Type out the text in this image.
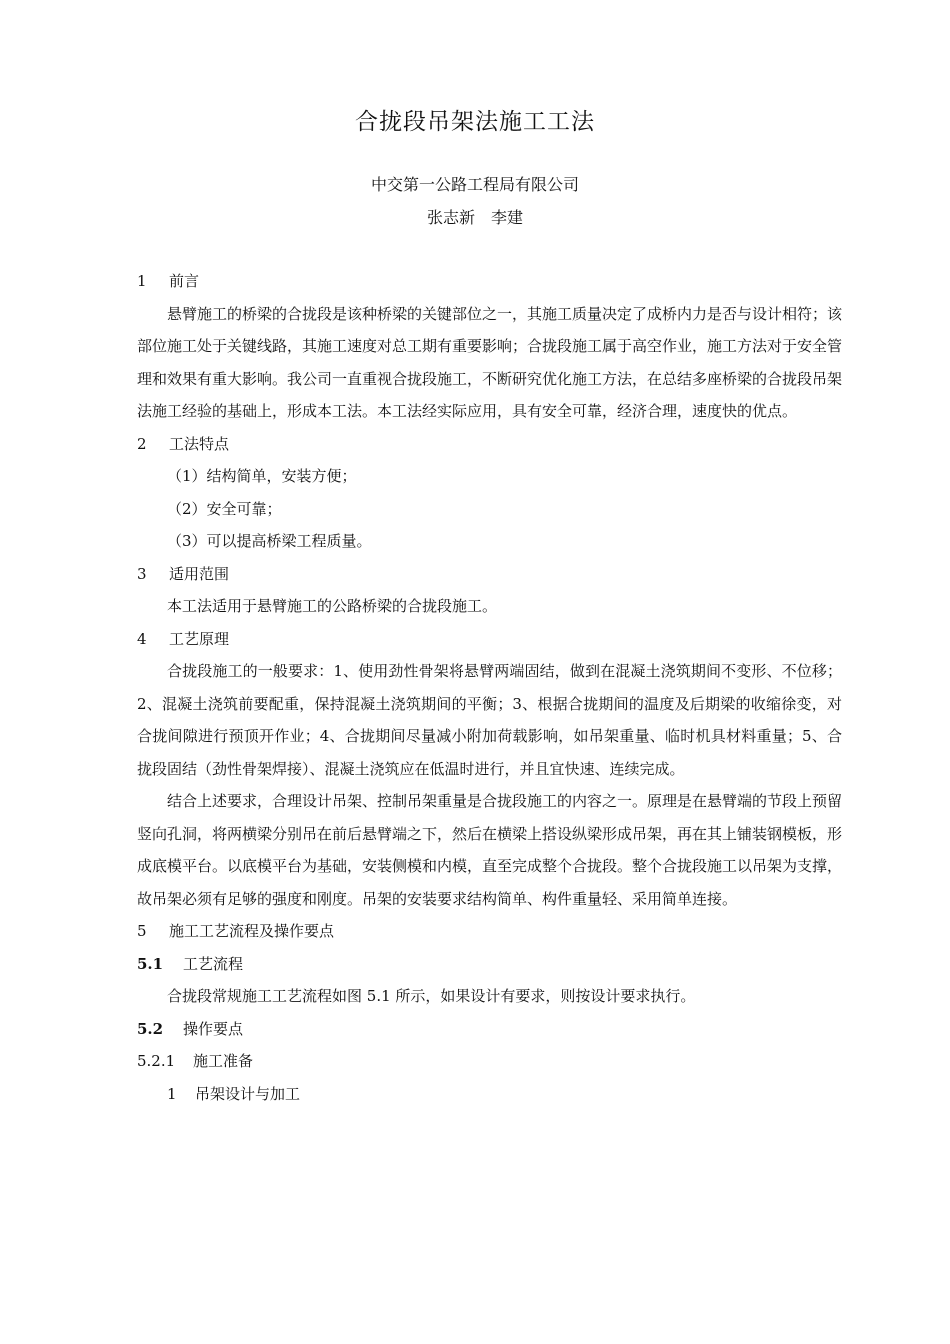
合拢段吊架法施工工法
中交第一公路工程局有限公司
张志新　李建

1 前言

悬臂施工的桥梁的合拢段是该种桥梁的关键部位之一，其施工质量决定了成桥内力是否与设计相符；该部位施工处于关键线路，其施工速度对总工期有重要影响；合拢段施工属于高空作业，施工方法对于安全管理和效果有重大影响。我公司一直重视合拢段施工，不断研究优化施工方法，在总结多座桥梁的合拢段吊架法施工经验的基础上，形成本工法。本工法经实际应用，具有安全可靠，经济合理，速度快的优点。

2 工法特点

（1）结构简单，安装方便；

（2）安全可靠；

（3）可以提高桥梁工程质量。

3 适用范围

本工法适用于悬臂施工的公路桥梁的合拢段施工。

4 工艺原理

合拢段施工的一般要求：1、使用劲性骨架将悬臂两端固结，做到在混凝土浇筑期间不变形、不位移；2、混凝土浇筑前要配重，保持混凝土浇筑期间的平衡；3、根据合拢期间的温度及后期梁的收缩徐变，对合拢间隙进行预顶开作业；4、合拢期间尽量减小附加荷载影响，如吊架重量、临时机具材料重量；5、合拢段固结（劲性骨架焊接）、混凝土浇筑应在低温时进行，并且宜快速、连续完成。

结合上述要求，合理设计吊架、控制吊架重量是合拢段施工的内容之一。原理是在悬臂端的节段上预留竖向孔洞，将两横梁分别吊在前后悬臂端之下，然后在横梁上搭设纵梁形成吊架，再在其上铺装钢模板，形成底模平台。以底模平台为基础，安装侧模和内模，直至完成整个合拢段。整个合拢段施工以吊架为支撑，故吊架必须有足够的强度和刚度。吊架的安装要求结构简单、构件重量轻、采用简单连接。

5 施工工艺流程及操作要点

5.1 工艺流程

合拢段常规施工工艺流程如图 5.1 所示，如果设计有要求，则按设计要求执行。

5.2 操作要点

5.2.1 施工准备

1 吊架设计与加工
